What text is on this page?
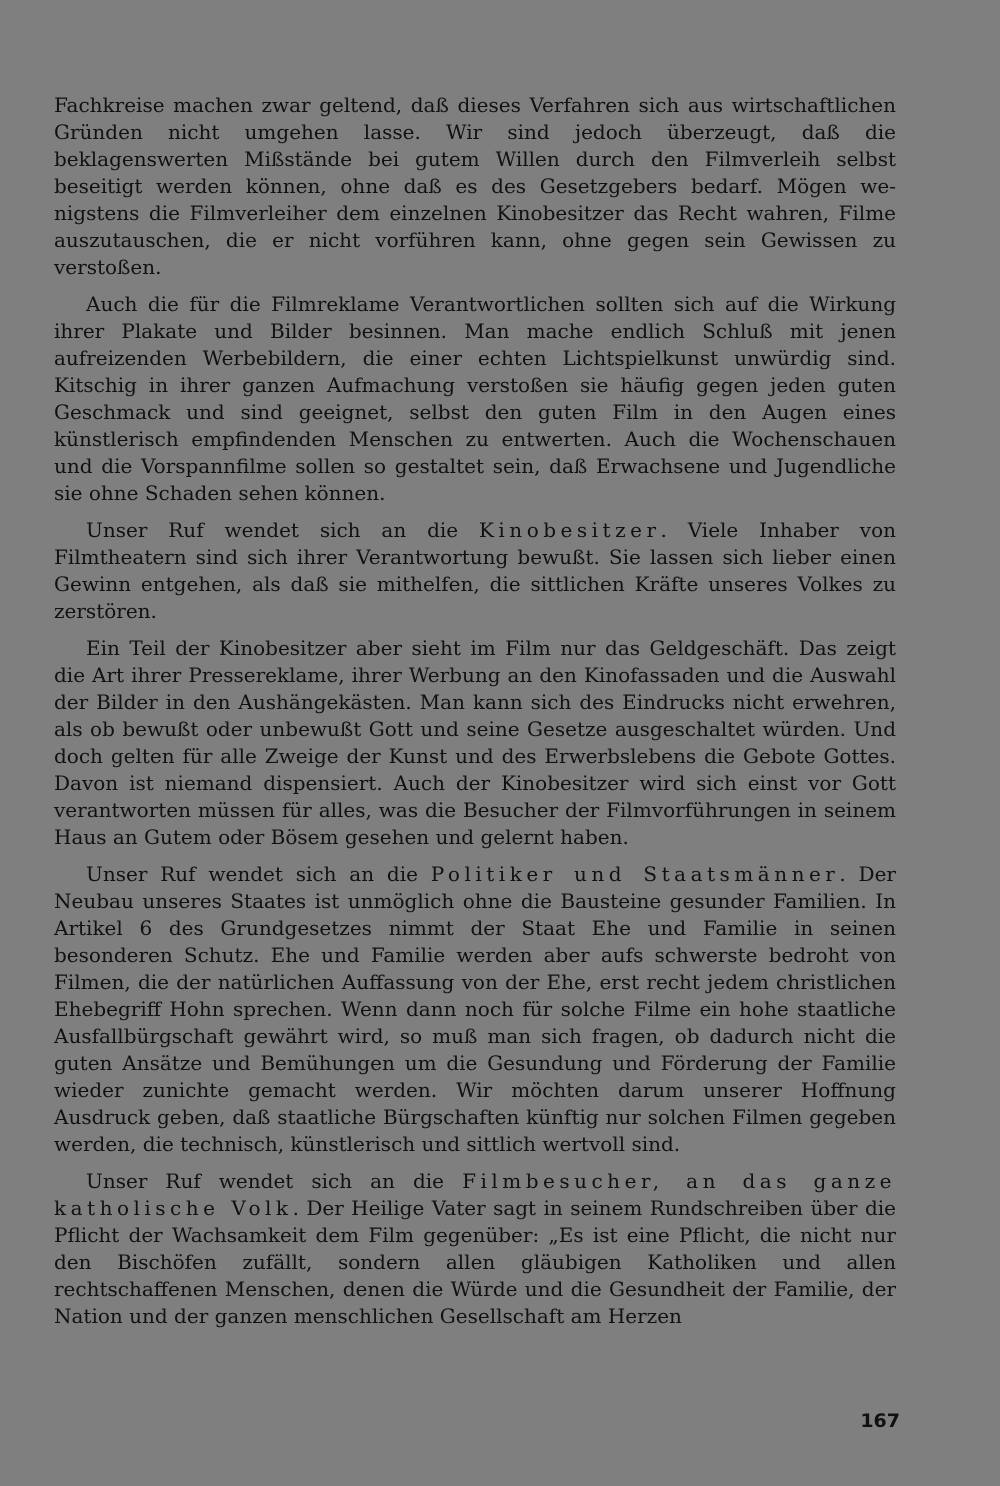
Fachkreise machen zwar geltend, daß dieses Verfahren sich aus wirtschaftlichen Gründen nicht umgehen lasse. Wir sind jedoch überzeugt, daß die beklagenswerten Mißstände bei gutem Willen durch den Filmverleih selbst beseitigt werden können, ohne daß es des Gesetzgebers bedarf. Mögen wenigstens die Filmverleiher dem einzelnen Kinobesitzer das Recht wahren, Filme auszutauschen, die er nicht vorführen kann, ohne gegen sein Gewissen zu verstoßen.

Auch die für die Filmreklame Verantwortlichen sollten sich auf die Wirkung ihrer Plakate und Bilder besinnen. Man mache endlich Schluß mit jenen aufreizenden Werbebildern, die einer echten Lichtspielkunst unwürdig sind. Kitschig in ihrer ganzen Aufmachung verstoßen sie häufig gegen jeden guten Geschmack und sind geeignet, selbst den guten Film in den Augen eines künstlerisch empfindenden Menschen zu entwerten. Auch die Wochenschauen und die Vorspannfilme sollen so gestaltet sein, daß Erwachsene und Jugendliche sie ohne Schaden sehen können.

Unser Ruf wendet sich an die Kinobesitzer. Viele Inhaber von Filmtheatern sind sich ihrer Verantwortung bewußt. Sie lassen sich lieber einen Gewinn entgehen, als daß sie mithelfen, die sittlichen Kräfte unseres Volkes zu zerstören.

Ein Teil der Kinobesitzer aber sieht im Film nur das Geldgeschäft. Das zeigt die Art ihrer Pressereklame, ihrer Werbung an den Kinofassaden und die Auswahl der Bilder in den Aushängekästen. Man kann sich des Eindrucks nicht erwehren, als ob bewußt oder unbewußt Gott und seine Gesetze ausgeschaltet würden. Und doch gelten für alle Zweige der Kunst und des Erwerbslebens die Gebote Gottes. Davon ist niemand dispensiert. Auch der Kinobesitzer wird sich einst vor Gott verantworten müssen für alles, was die Besucher der Filmvorführungen in seinem Haus an Gutem oder Bösem gesehen und gelernt haben.

Unser Ruf wendet sich an die Politiker und Staatsmänner. Der Neubau unseres Staates ist unmöglich ohne die Bausteine gesunder Familien. In Artikel 6 des Grundgesetzes nimmt der Staat Ehe und Familie in seinen besonderen Schutz. Ehe und Familie werden aber aufs schwerste bedroht von Filmen, die der natürlichen Auffassung von der Ehe, erst recht jedem christlichen Ehebegriff Hohn sprechen. Wenn dann noch für solche Filme ein hohe staatliche Ausfallbürgschaft gewährt wird, so muß man sich fragen, ob dadurch nicht die guten Ansätze und Bemühungen um die Gesundung und Förderung der Familie wieder zunichte gemacht werden. Wir möchten darum unserer Hoffnung Ausdruck geben, daß staatliche Bürgschaften künftig nur solchen Filmen gegeben werden, die technisch, künstlerisch und sittlich wertvoll sind.

Unser Ruf wendet sich an die Filmbesucher, an das ganze katholische Volk. Der Heilige Vater sagt in seinem Rundschreiben über die Pflicht der Wachsamkeit dem Film gegenüber: „Es ist eine Pflicht, die nicht nur den Bischöfen zufällt, sondern allen gläubigen Katholiken und allen rechtschaffenen Menschen, denen die Würde und die Gesundheit der Familie, der Nation und der ganzen menschlichen Gesellschaft am Herzen

167
